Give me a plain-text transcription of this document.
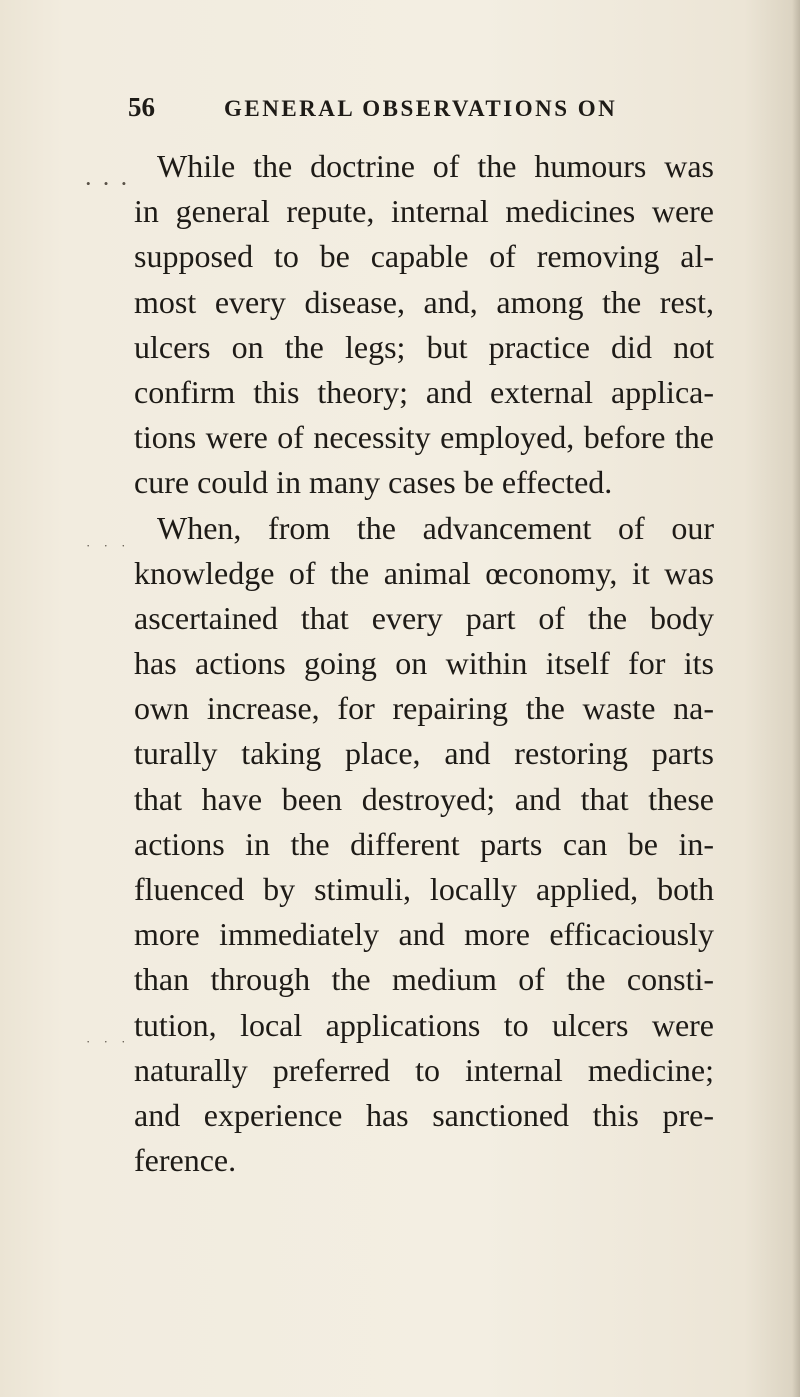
56	GENERAL OBSERVATIONS ON
• • •
· · ·
· · ·
While the doctrine of the humours was
in general repute, internal medicines were
supposed to be capable of removing al-
most every disease, and, among the rest,
ulcers on the legs; but practice did not
confirm this theory; and external applica-
tions were of necessity employed, before the
cure could in many cases be effected.
When, from the advancement of our
knowledge of the animal œconomy, it was
ascertained that every part of the body
has actions going on within itself for its
own increase, for repairing the waste na-
turally taking place, and restoring parts
that have been destroyed; and that these
actions in the different parts can be in-
fluenced by stimuli, locally applied, both
more immediately and more efficaciously
than through the medium of the consti-
tution, local applications to ulcers were
naturally preferred to internal medicine;
and experience has sanctioned this pre-
ference.
